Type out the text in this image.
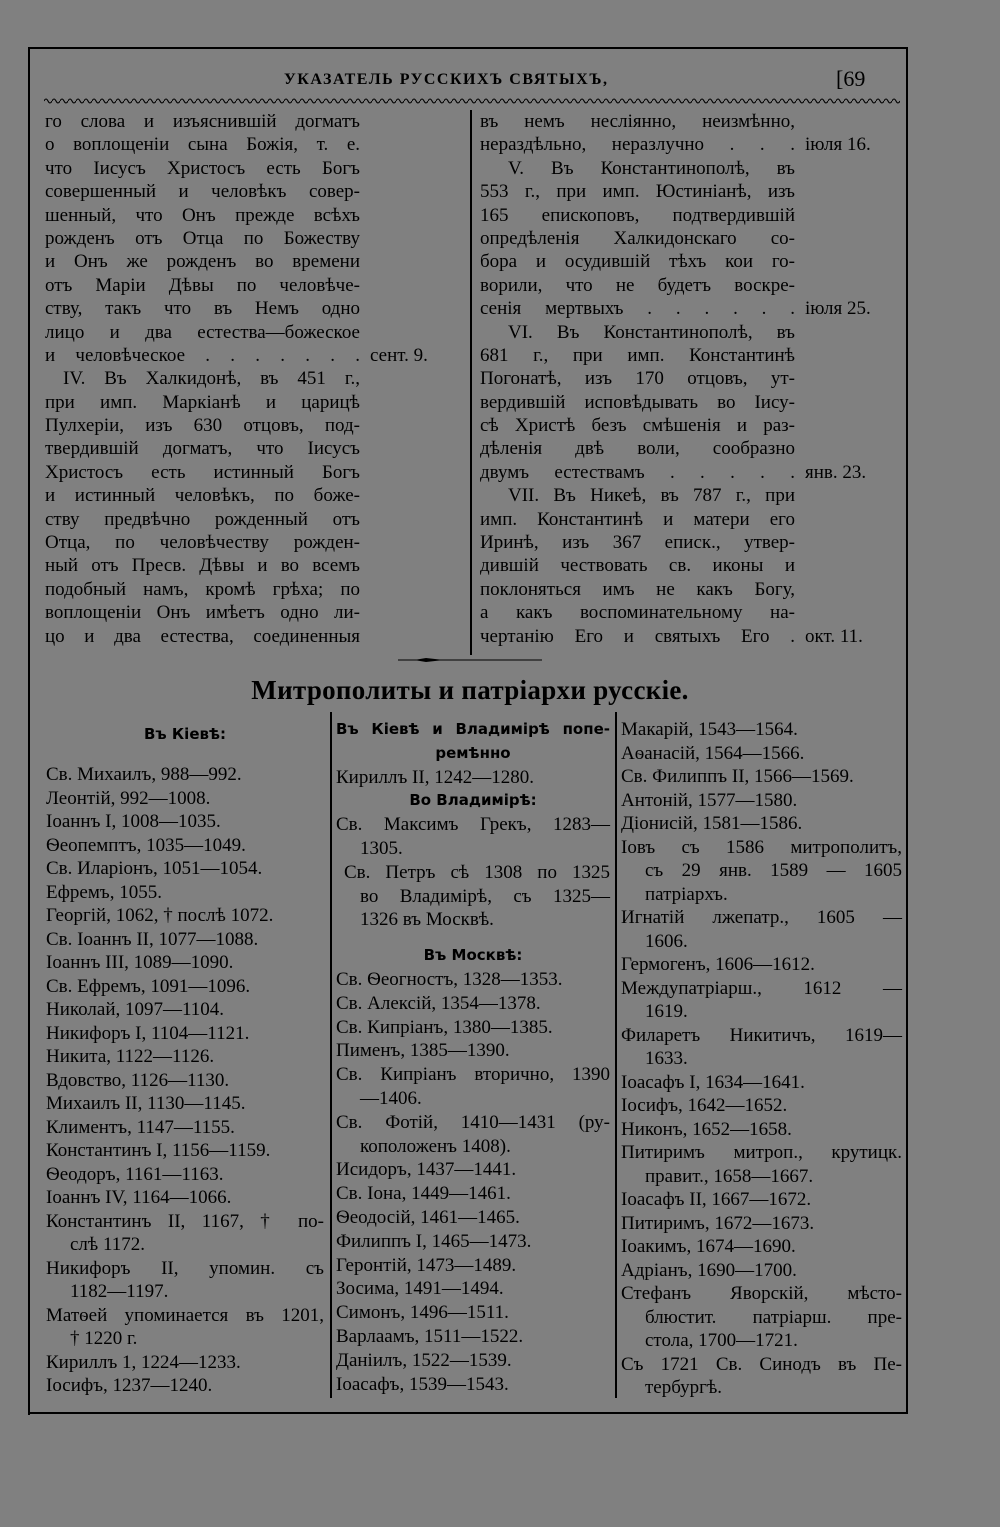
УКАЗАТЕЛЬ РУССКИХЪ СВЯТЫХЪ,	[69
го слова и изъяснившій догматъ
о воплощеніи сына Божія, т. е.
что Іисусъ Христосъ есть Богъ
совершенный и человѣкъ совер-
шенный, что Онъ прежде всѣхъ
рожденъ отъ Отца по Божеству
и Онъ же рожденъ во времени
отъ Маріи Дѣвы по человѣче-
ству, такъ что въ Немъ одно
лицо и два естества—божеское
и человѣческое . . . . . . .
IV. Въ Халкидонѣ, въ 451 г.,
при имп. Маркіанѣ и царицѣ
Пулхеріи, изъ 630 отцовъ, под-
твердившій догматъ, что Іисусъ
Христосъ есть истинный Богъ
и истинный человѣкъ, по боже-
ству предвѣчно рожденный отъ
Отца, по человѣчеству рожден-
ный отъ Пресв. Дѣвы и во всемъ
подобный намъ, кромѣ грѣха; по
воплощеніи Онъ имѣетъ одно ли-
цо и два естества, соединенныя
сент. 9.
въ немъ несліянно, неизмѣнно,
нераздѣльно, неразлучно . . .
V. Въ Константинополѣ, въ
553 г., при имп. Юстиніанѣ, изъ
165 епископовъ, подтвердившій
опредѣленія Халкидонскаго со-
бора и осудившій тѣхъ кои го-
ворили, что не будетъ воскре-
сенія мертвыхъ . . . . . .
VI. Въ Константинополѣ, въ
681 г., при имп. Константинѣ
Погонатѣ, изъ 170 отцовъ, ут-
вердившій исповѣдывать во Іису-
сѣ Христѣ безъ смѣшенія и раз-
дѣленія двѣ воли, сообразно
двумъ естествамъ . . . . .
VII. Въ Никеѣ, въ 787 г., при
имп. Константинѣ и матери его
Иринѣ, изъ 367 еписк., утвер-
дившій чествовать св. иконы и
поклоняться имъ не какъ Богу,
а какъ воспоминательному на-
чертанію Его и святыхъ Его .
іюля 16.
іюля 25.
янв. 23.
окт. 11.
Митрополиты и патріархи русскіе.
Въ Кіевѣ:
Св. Михаилъ, 988—992.
Леонтій, 992—1008.
Іоаннъ I, 1008—1035.
Ѳеопемптъ, 1035—1049.
Св. Иларіонъ, 1051—1054.
Ефремъ, 1055.
Георгій, 1062, † послѣ 1072.
Св. Іоаннъ II, 1077—1088.
Іоаннъ III, 1089—1090.
Св. Ефремъ, 1091—1096.
Николай, 1097—1104.
Никифоръ I, 1104—1121.
Никита, 1122—1126.
Вдовство, 1126—1130.
Михаилъ II, 1130—1145.
Климентъ, 1147—1155.
Константинъ I, 1156—1159.
Ѳеодоръ, 1161—1163.
Іоаннъ IV, 1164—1066.
Константинъ II, 1167, † по-
слѣ 1172.
Никифоръ II, упомин. съ
1182—1197.
Матѳей упоминается въ 1201,
† 1220 г.
Кириллъ 1, 1224—1233.
Іосифъ, 1237—1240.
Въ Кіевѣ и Владимірѣ попе-
ремѣнно
Кириллъ II, 1242—1280.
Во Владимірѣ:
Св. Максимъ Грекъ, 1283—
1305.
Св. Петръ сѣ 1308 по 1325
во Владимірѣ, съ 1325—
1326 въ Москвѣ.
Въ Москвѣ:
Св. Ѳеогностъ, 1328—1353.
Св. Алексій, 1354—1378.
Св. Кипріанъ, 1380—1385.
Пименъ, 1385—1390.
Св. Кипріанъ вторично, 1390
—1406.
Св. Фотій, 1410—1431 (ру-
коположенъ 1408).
Исидоръ, 1437—1441.
Св. Іона, 1449—1461.
Ѳеодосій, 1461—1465.
Филиппъ I, 1465—1473.
Геронтій, 1473—1489.
Зосима, 1491—1494.
Симонъ, 1496—1511.
Варлаамъ, 1511—1522.
Даніилъ, 1522—1539.
Іоасафъ, 1539—1543.
Макарій, 1543—1564.
Аѳанасій, 1564—1566.
Св. Филиппъ II, 1566—1569.
Антоній, 1577—1580.
Діонисій, 1581—1586.
Іовъ съ 1586 митрополитъ,
съ 29 янв. 1589 — 1605
патріархъ.
Игнатій лжепатр., 1605 —
1606.
Гермогенъ, 1606—1612.
Междупатріарш., 1612 —
1619.
Филаретъ Никитичъ, 1619—
1633.
Іоасафъ I, 1634—1641.
Іосифъ, 1642—1652.
Никонъ, 1652—1658.
Питиримъ митроп., крутицк.
правит., 1658—1667.
Іоасафъ II, 1667—1672.
Питиримъ, 1672—1673.
Іоакимъ, 1674—1690.
Адріанъ, 1690—1700.
Стефанъ Яворскій, мѣсто-
блюстит. патріарш. пре-
стола, 1700—1721.
Съ 1721 Св. Синодъ въ Пе-
тербургѣ.
